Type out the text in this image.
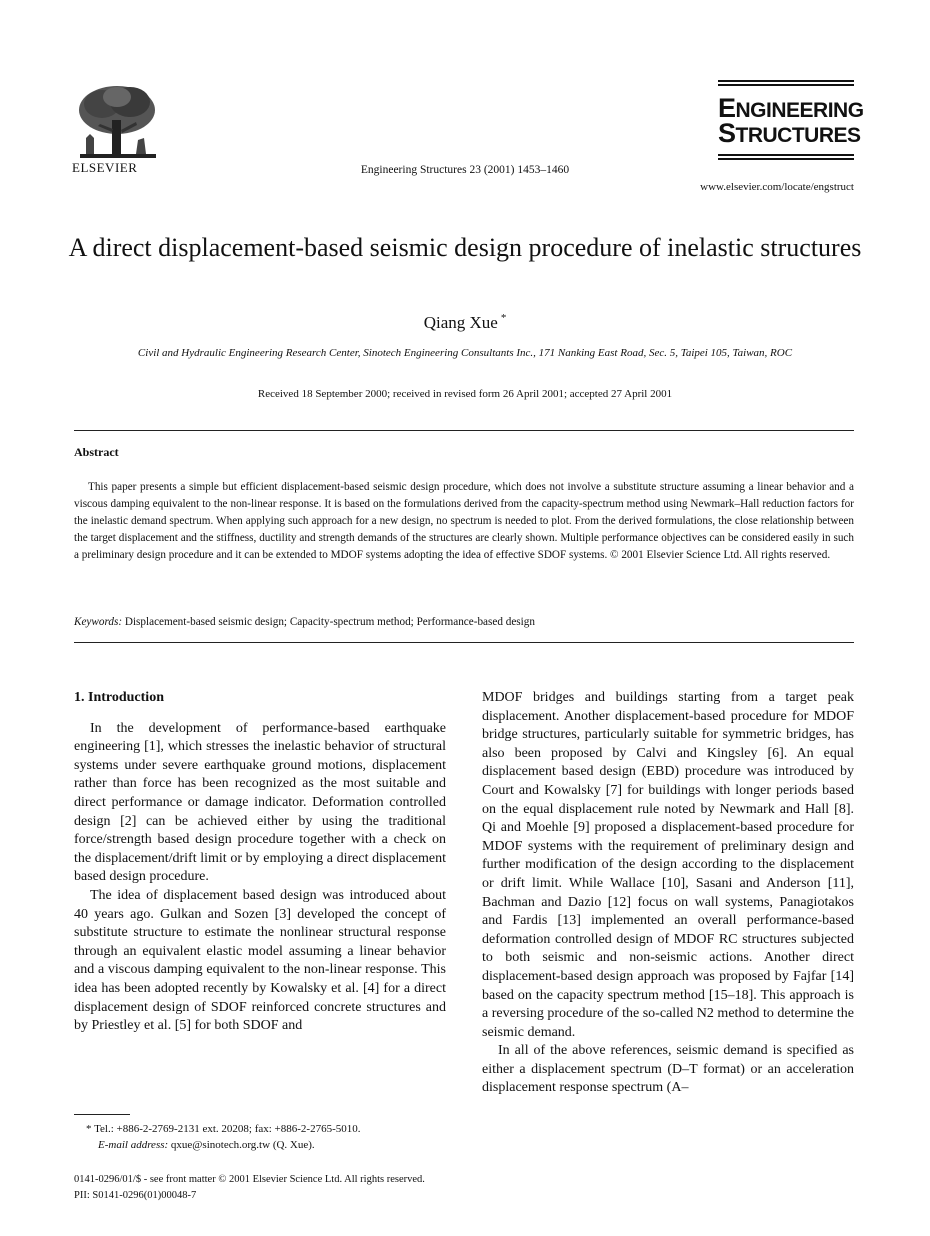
ELSEVIER	Engineering Structures 23 (2001) 1453–1460
ENGINEERING
STRUCTURES
www.elsevier.com/locate/engstruct
A direct displacement-based seismic design procedure of inelastic structures
Qiang Xue *
Civil and Hydraulic Engineering Research Center, Sinotech Engineering Consultants Inc., 171 Nanking East Road, Sec. 5, Taipei 105, Taiwan, ROC
Received 18 September 2000; received in revised form 26 April 2001; accepted 27 April 2001
Abstract

This paper presents a simple but efficient displacement-based seismic design procedure, which does not involve a substitute structure assuming a linear behavior and a viscous damping equivalent to the non-linear response. It is based on the formulations derived from the capacity-spectrum method using Newmark–Hall reduction factors for the inelastic demand spectrum. When applying such approach for a new design, no spectrum is needed to plot. From the derived formulations, the close relationship between the target displacement and the stiffness, ductility and strength demands of the structures are clearly shown. Multiple performance objectives can be considered easily in such a preliminary design procedure and it can be extended to MDOF systems adopting the idea of effective SDOF systems. © 2001 Elsevier Science Ltd. All rights reserved.

Keywords: Displacement-based seismic design; Capacity-spectrum method; Performance-based design
1. Introduction

In the development of performance-based earthquake engineering [1], which stresses the inelastic behavior of structural systems under severe earthquake ground motions, displacement rather than force has been recognized as the most suitable and direct performance or damage indicator. Deformation controlled design [2] can be achieved either by using the traditional force/strength based design procedure together with a check on the displacement/drift limit or by employing a direct displacement based design procedure.

The idea of displacement based design was introduced about 40 years ago. Gulkan and Sozen [3] developed the concept of substitute structure to estimate the nonlinear structural response through an equivalent elastic model assuming a linear behavior and a viscous damping equivalent to the non-linear response. This idea has been adopted recently by Kowalsky et al. [4] for a direct displacement design of SDOF reinforced concrete structures and by Priestley et al. [5] for both SDOF and

MDOF bridges and buildings starting from a target peak displacement. Another displacement-based procedure for MDOF bridge structures, particularly suitable for symmetric bridges, has also been proposed by Calvi and Kingsley [6]. An equal displacement based design (EBD) procedure was introduced by Court and Kowalsky [7] for buildings with longer periods based on the equal displacement rule noted by Newmark and Hall [8]. Qi and Moehle [9] proposed a displacement-based procedure for MDOF systems with the requirement of preliminary design and further modification of the design according to the displacement or drift limit. While Wallace [10], Sasani and Anderson [11], Bachman and Dazio [12] focus on wall systems, Panagiotakos and Fardis [13] implemented an overall performance-based deformation controlled design of MDOF RC structures subjected to both seismic and non-seismic actions. Another direct displacement-based design approach was proposed by Fajfar [14] based on the capacity spectrum method [15–18]. This approach is a reversing procedure of the so-called N2 method to determine the seismic demand.

In all of the above references, seismic demand is specified as either a displacement spectrum (D–T format) or an acceleration displacement response spectrum (A–

* Tel.: +886-2-2769-2131 ext. 20208; fax: +886-2-2765-5010.
E-mail address: qxue@sinotech.org.tw (Q. Xue).
0141-0296/01/$ - see front matter © 2001 Elsevier Science Ltd. All rights reserved.
PII: S0141-0296(01)00048-7
